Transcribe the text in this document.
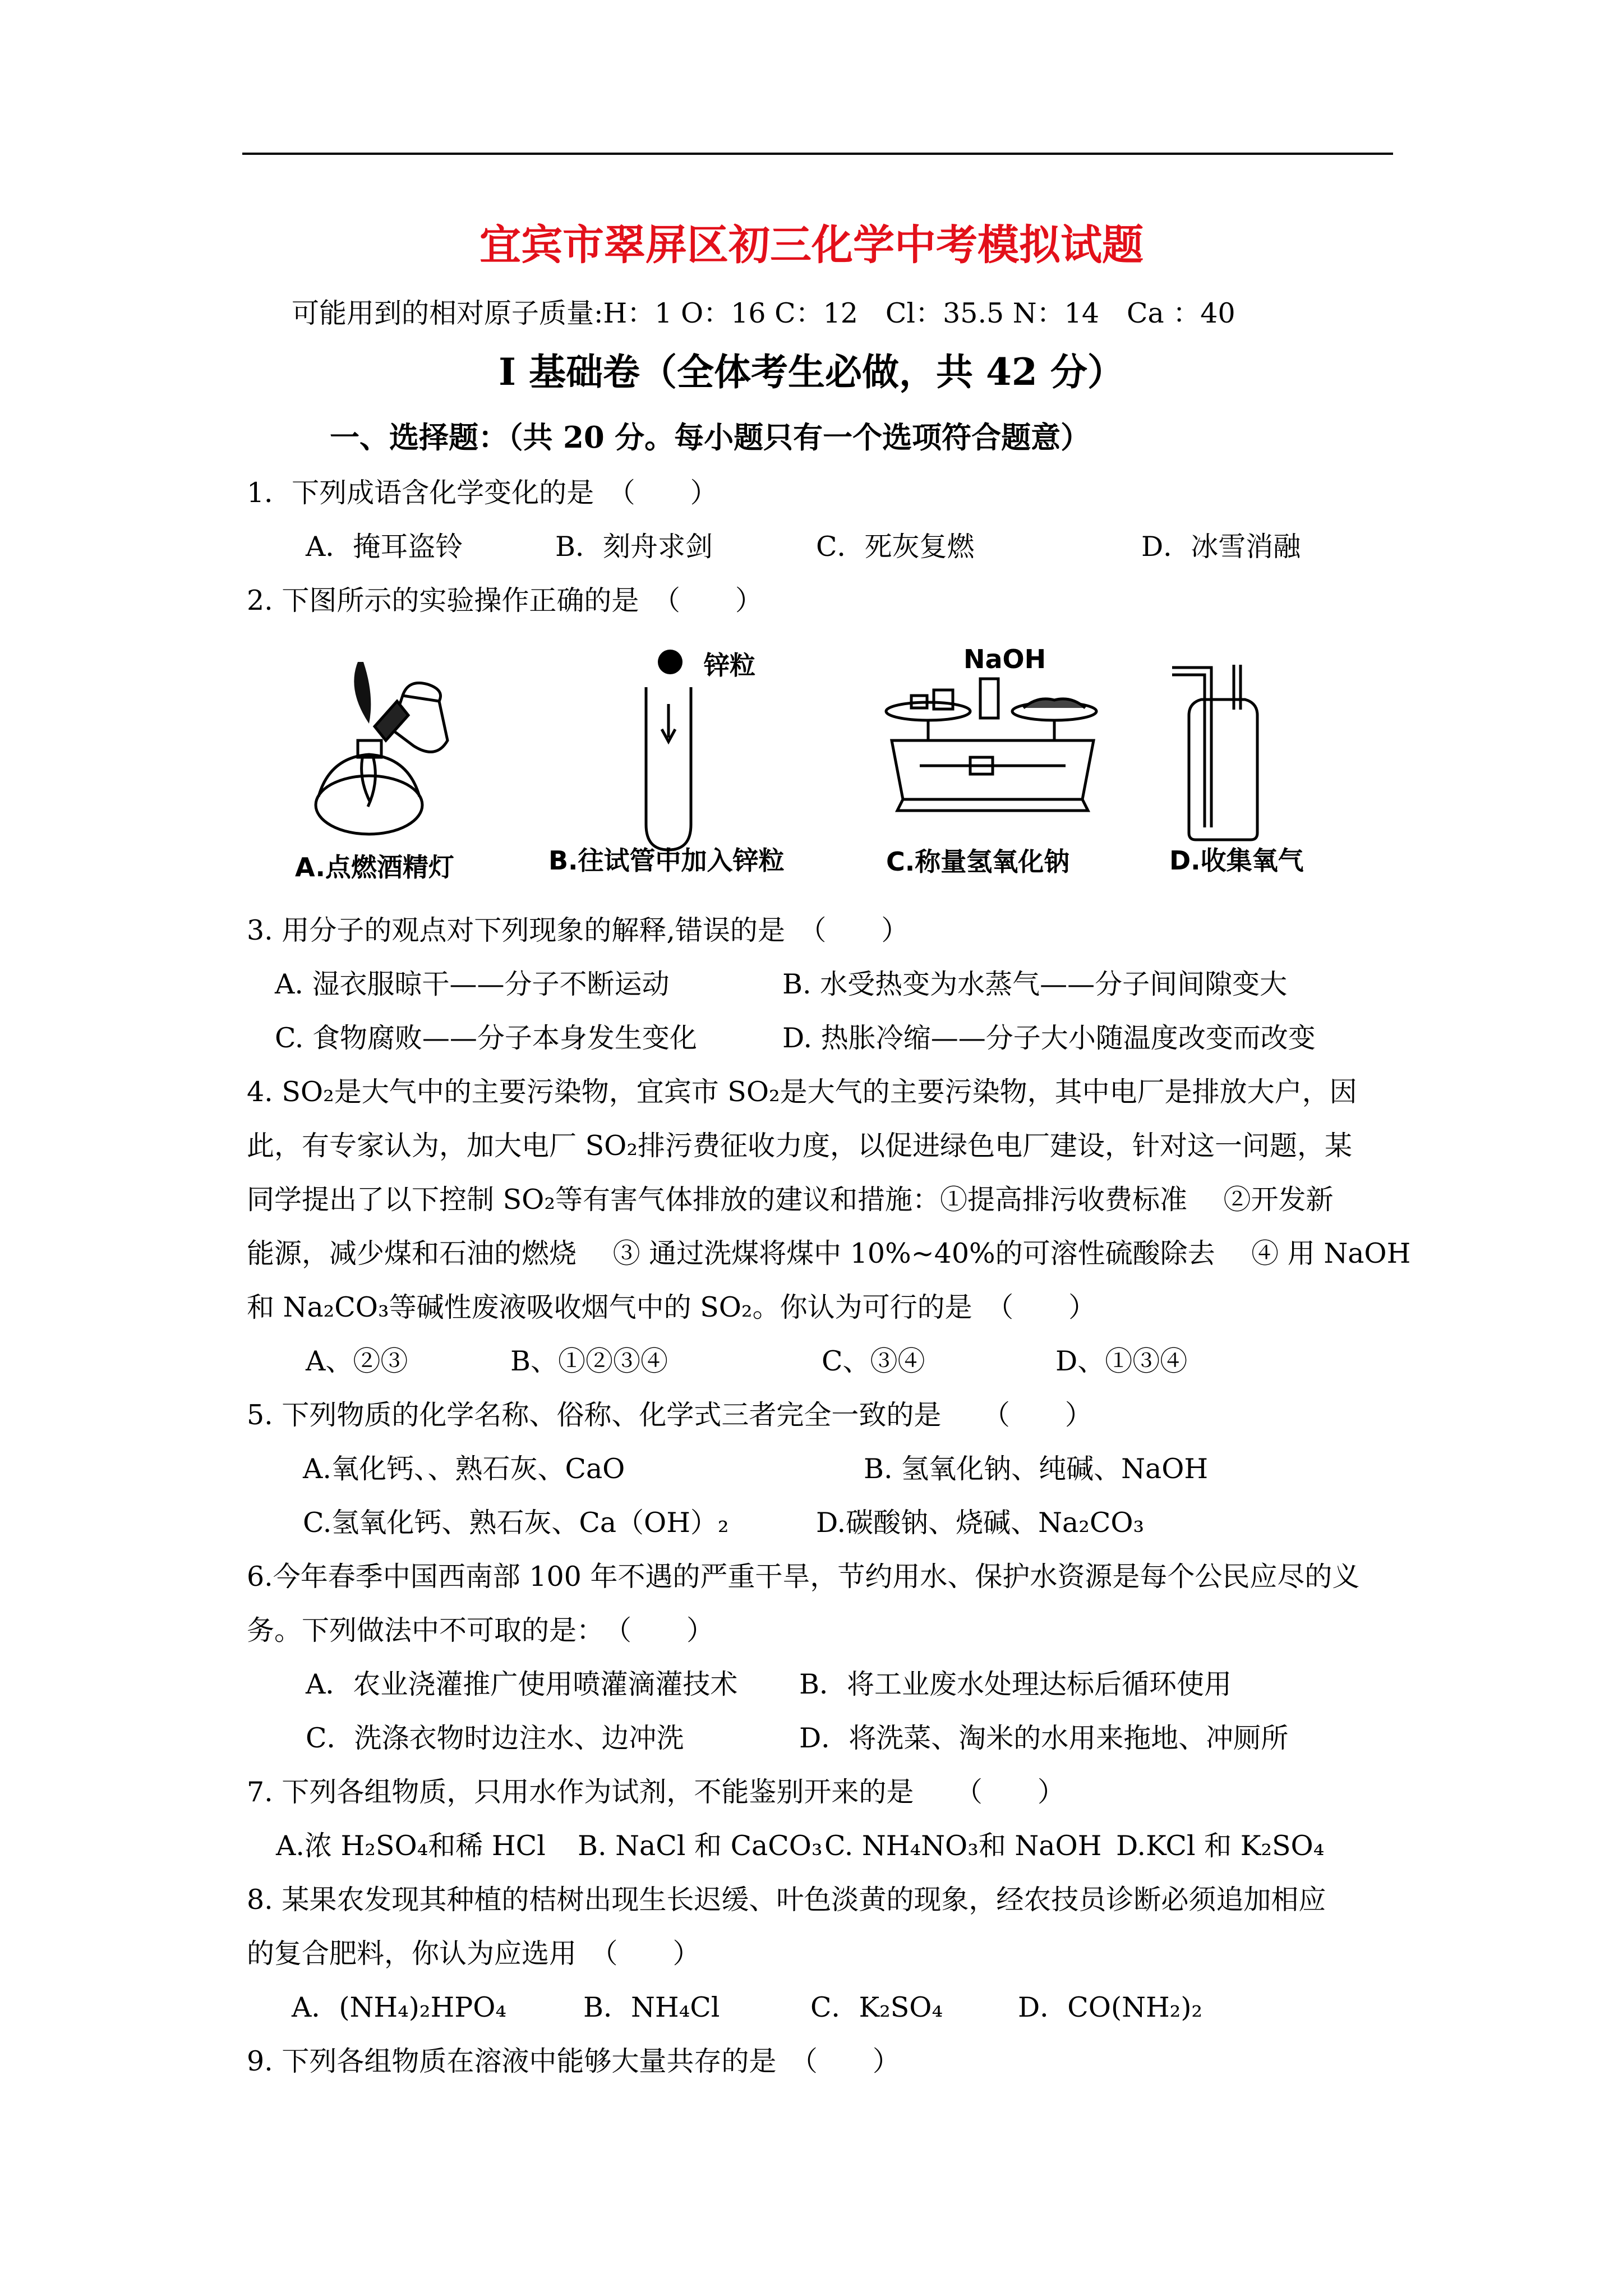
宜宾市翠屏区初三化学中考模拟试题
可能用到的相对原子质量:H：1 O：16 C：12　Cl：35.5 N：14　Ca ：40
I 基础卷（全体考生必做，共 42 分）
一、选择题：（共 20 分。每小题只有一个选项符合题意）
1．下列成语含化学变化的是　（　　）
A．掩耳盗铃	B．刻舟求剑	C．死灰复燃	D．冰雪消融
2. 下图所示的实验操作正确的是　（　　）
A.点燃酒精灯
锌粒
B.往试管中加入锌粒
NaOH
C.称量氢氧化钠	D.收集氧气
3. 用分子的观点对下列现象的解释,错误的是　（　　）
A. 湿衣服晾干——分子不断运动	B. 水受热变为水蒸气——分子间间隙变大
C. 食物腐败——分子本身发生变化	D. 热胀冷缩——分子大小随温度改变而改变
4. SO₂是大气中的主要污染物，宜宾市 SO₂是大气的主要污染物，其中电厂是排放大户，因
此，有专家认为，加大电厂 SO₂排污费征收力度，以促进绿色电厂建设，针对这一问题，某
同学提出了以下控制 SO₂等有害气体排放的建议和措施：①提高排污收费标准　 ②开发新
能源，减少煤和石油的燃烧　 ③ 通过洗煤将煤中 10%~40%的可溶性硫酸除去　 ④ 用 NaOH
和 Na₂CO₃等碱性废液吸收烟气中的 SO₂。你认为可行的是　（　　）
A、②③	B、①②③④	C、③④	D、①③④
5. 下列物质的化学名称、俗称、化学式三者完全一致的是　　（　　）
A.氧化钙、、熟石灰、CaO	B. 氢氧化钠、纯碱、NaOH
C.氢氧化钙、熟石灰、Ca（OH）₂	D.碳酸钠、烧碱、Na₂CO₃
6.今年春季中国西南部 100 年不遇的严重干旱，节约用水、保护水资源是每个公民应尽的义
务。下列做法中不可取的是：　（　　）
A．农业浇灌推广使用喷灌滴灌技术 B．将工业废水处理达标后循环使用
C．洗涤衣物时边注水、边冲洗	D．将洗菜、淘米的水用来拖地、冲厕所
7. 下列各组物质，只用水作为试剂，不能鉴别开来的是　　（　　）
A.浓 H₂SO₄和稀 HCl B. NaCl 和 CaCO₃ C. NH₄NO₃和 NaOH D.KCl 和 K₂SO₄
8. 某果农发现其种植的桔树出现生长迟缓、叶色淡黄的现象，经农技员诊断必须追加相应
的复合肥料，你认为应选用　（　　）
A．(NH₄)₂HPO₄	B．NH₄Cl	C．K₂SO₄	D．CO(NH₂)₂
9. 下列各组物质在溶液中能够大量共存的是　（　　）
